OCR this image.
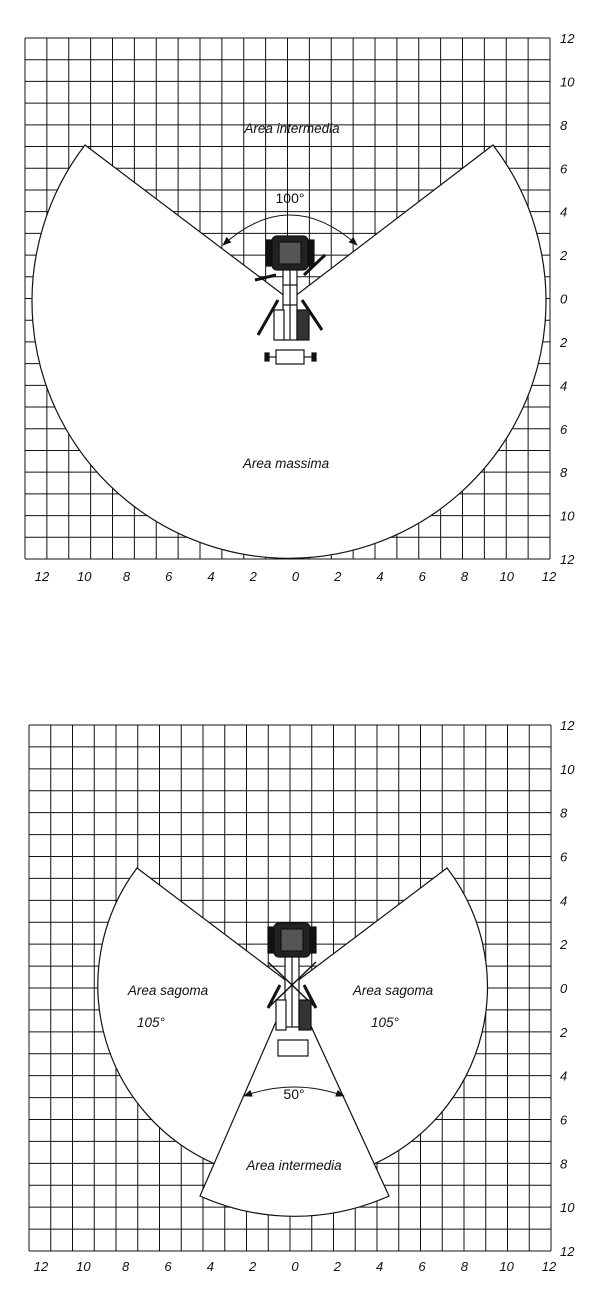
Area intermedia
Area massima
100°
12 10 8	6	4	2	0	2	4	6	8 10 12
12
10
8
6
4
2
0
2
4
6
8
10
12
Area sagoma	Area sagoma
105°	105°
50°
Area intermedia
12 10 8	6	4	2	0	2	4	6	8 10 12
12
10
8
6
4
2
0
2
4
6
8
10
12
